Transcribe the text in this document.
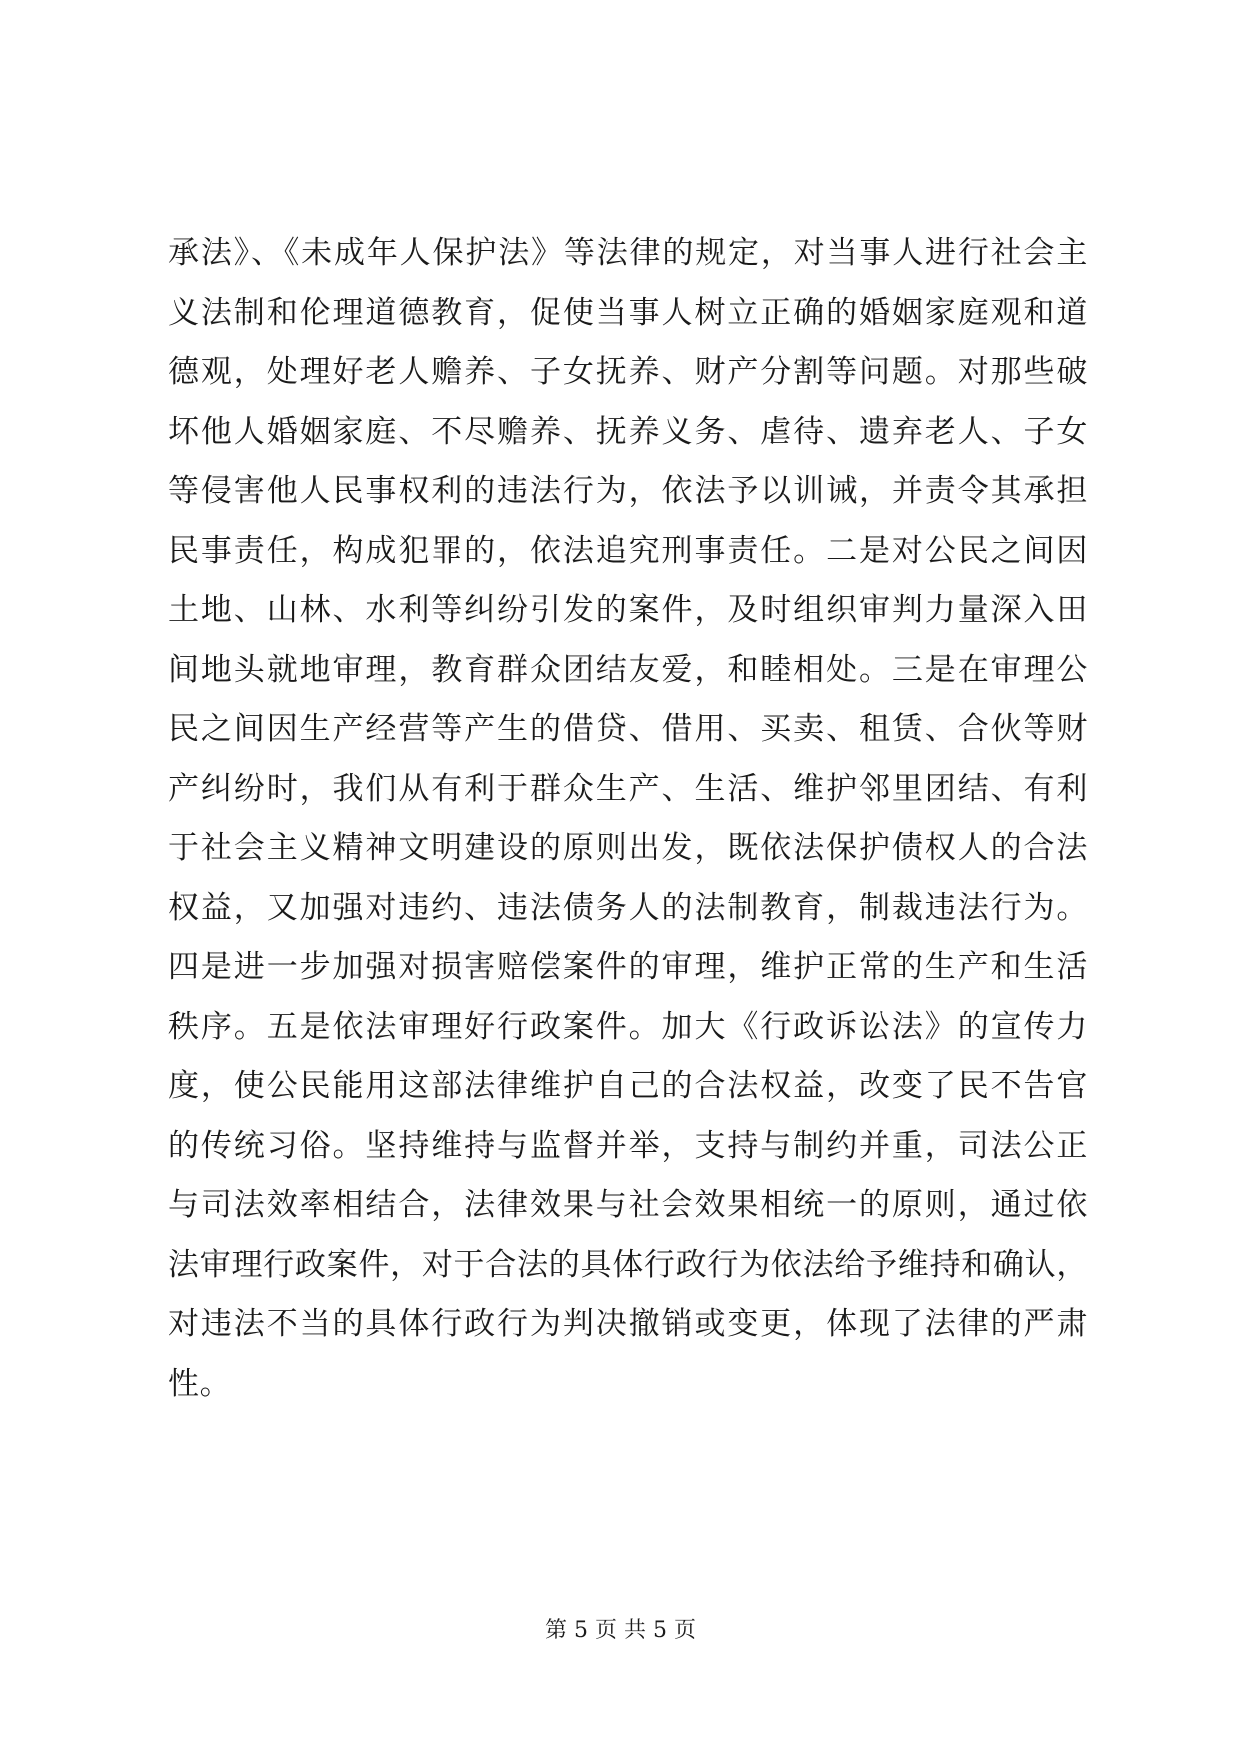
承法》、《未成年人保护法》等法律的规定，对当事人进行社会主
义法制和伦理道德教育，促使当事人树立正确的婚姻家庭观和道
德观，处理好老人赡养、子女抚养、财产分割等问题。对那些破
坏他人婚姻家庭、不尽赡养、抚养义务、虐待、遗弃老人、子女
等侵害他人民事权利的违法行为，依法予以训诫，并责令其承担
民事责任，构成犯罪的，依法追究刑事责任。二是对公民之间因
土地、山林、水利等纠纷引发的案件，及时组织审判力量深入田
间地头就地审理，教育群众团结友爱，和睦相处。三是在审理公
民之间因生产经营等产生的借贷、借用、买卖、租赁、合伙等财
产纠纷时，我们从有利于群众生产、生活、维护邻里团结、有利
于社会主义精神文明建设的原则出发，既依法保护债权人的合法
权益，又加强对违约、违法债务人的法制教育，制裁违法行为。
四是进一步加强对损害赔偿案件的审理，维护正常的生产和生活
秩序。五是依法审理好行政案件。加大《行政诉讼法》的宣传力
度，使公民能用这部法律维护自己的合法权益，改变了民不告官
的传统习俗。坚持维持与监督并举，支持与制约并重，司法公正
与司法效率相结合，法律效果与社会效果相统一的原则，通过依
法审理行政案件，对于合法的具体行政行为依法给予维持和确认，
对违法不当的具体行政行为判决撤销或变更，体现了法律的严肃
性。
第 5 页 共 5 页
